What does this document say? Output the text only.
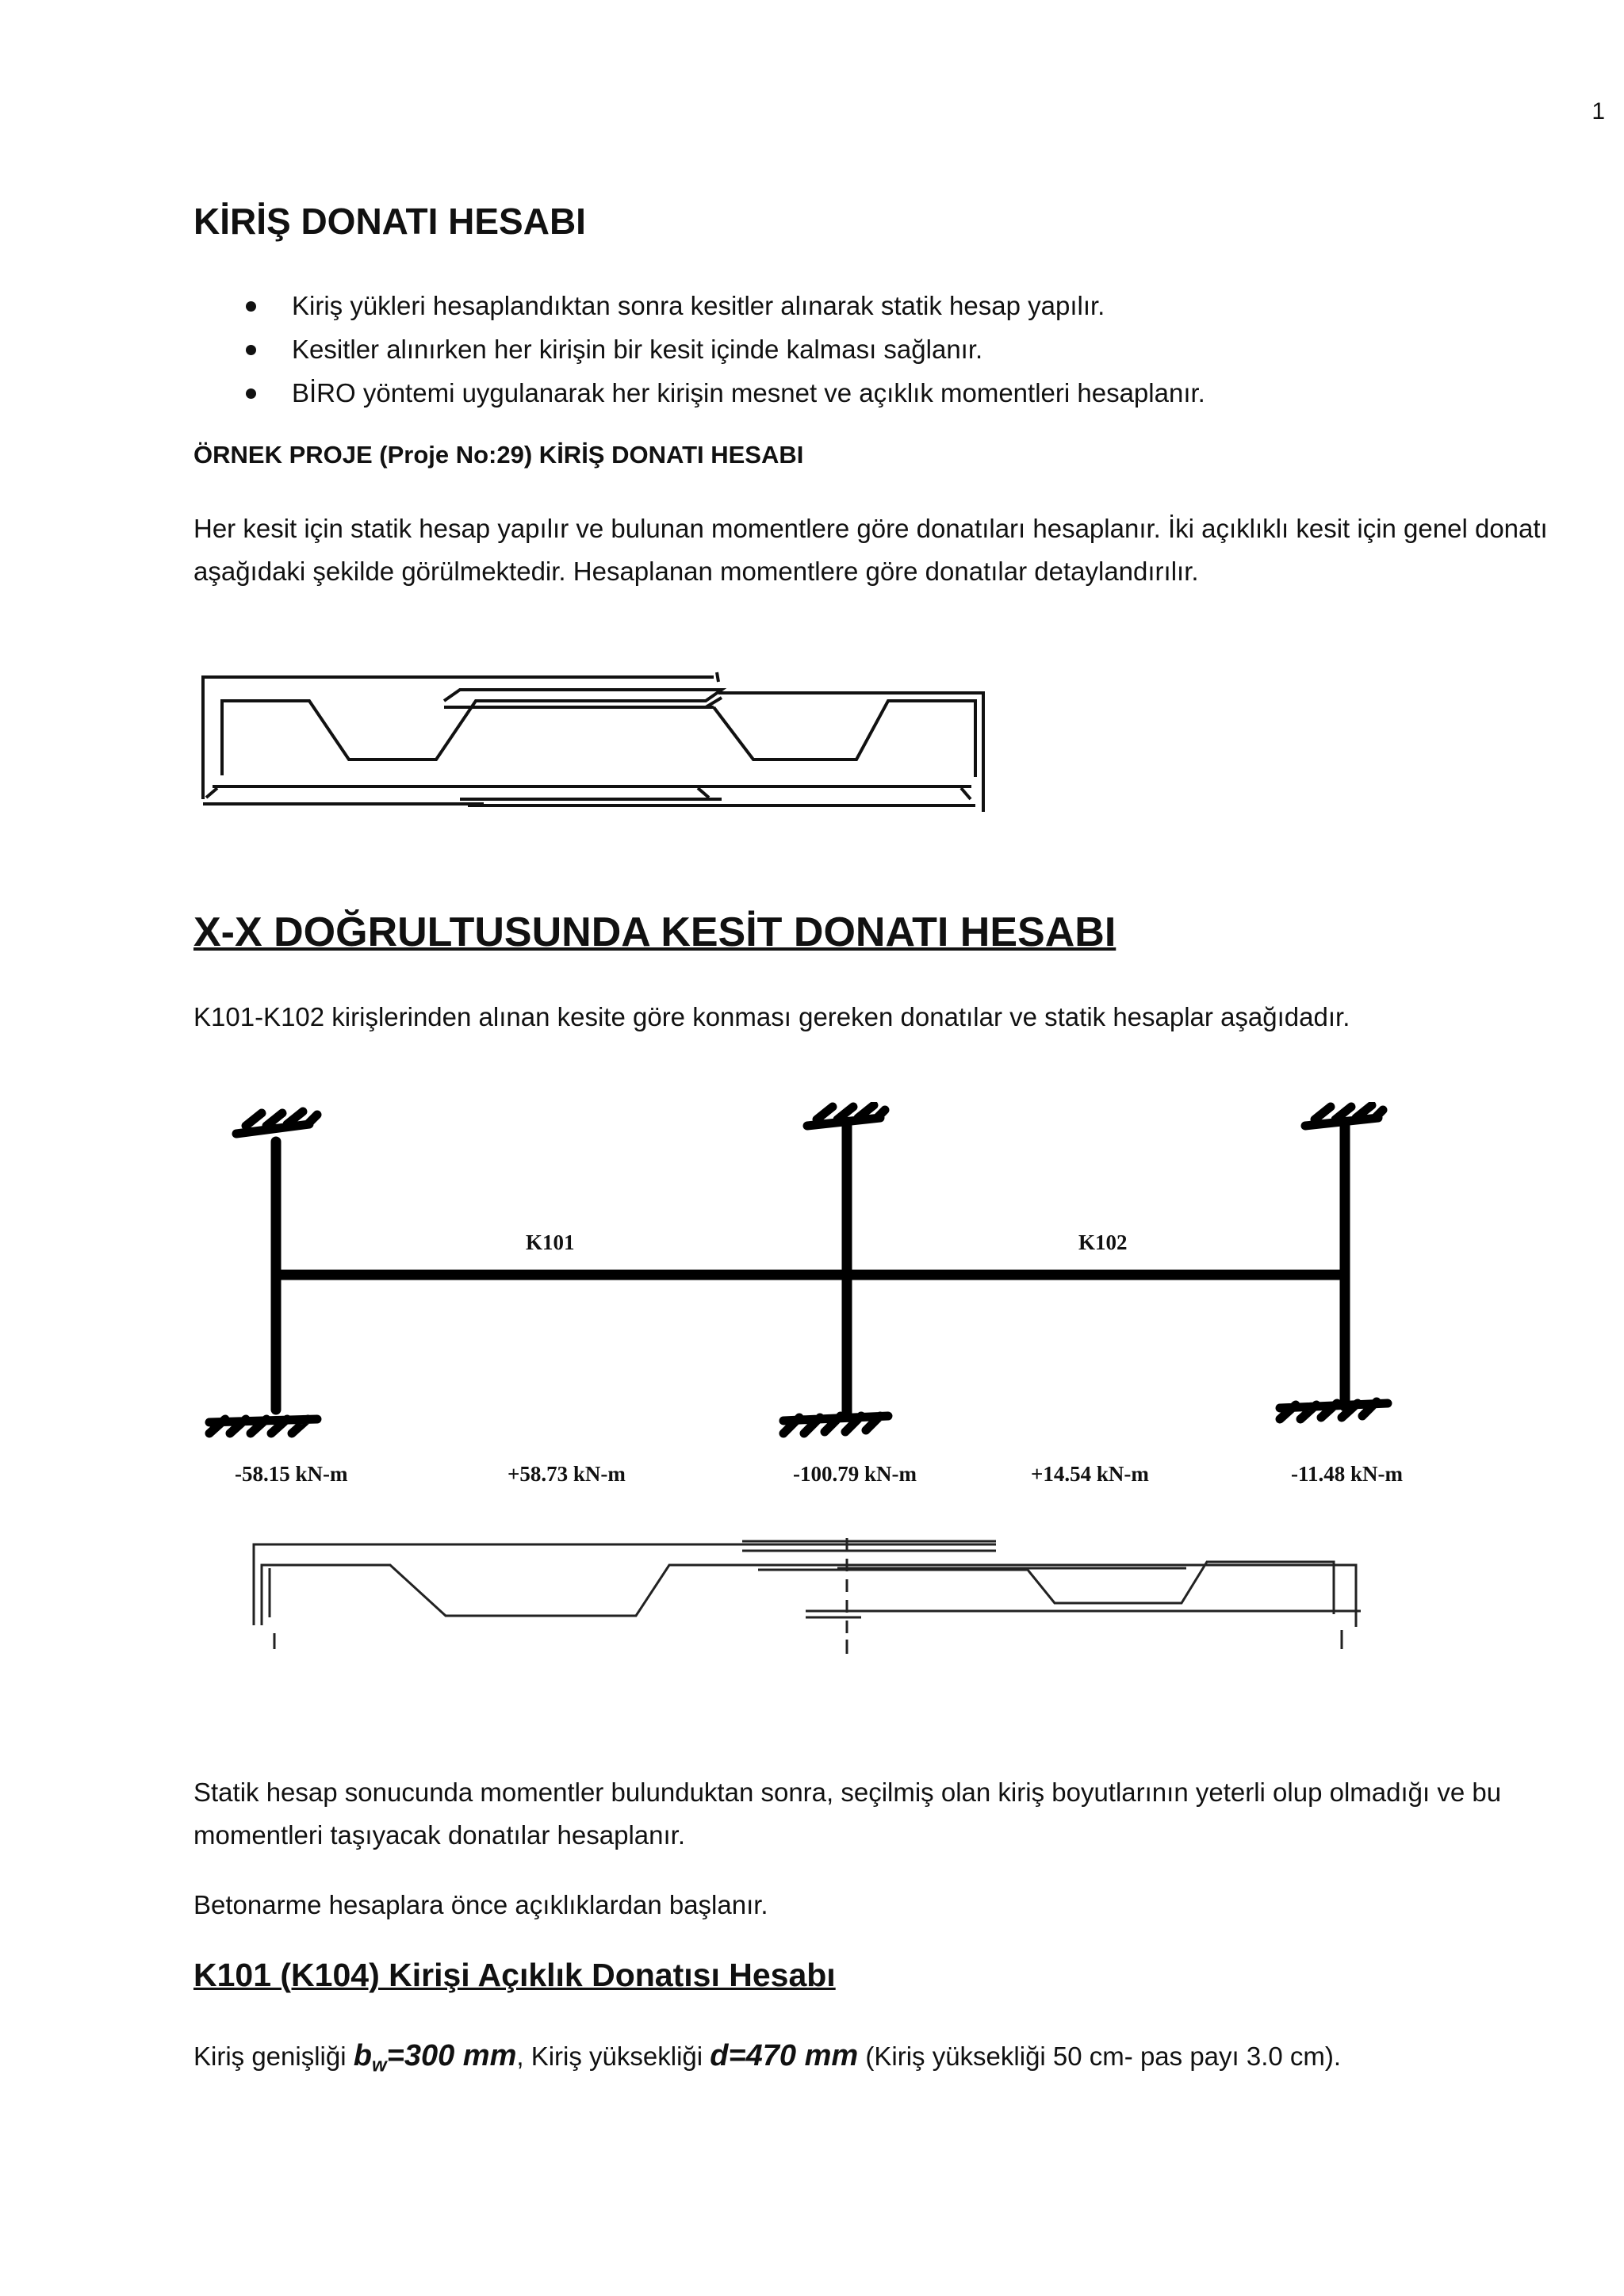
1
KİRİŞ DONATI HESABI
Kiriş yükleri hesaplandıktan sonra kesitler alınarak statik hesap yapılır.
Kesitler alınırken her kirişin bir kesit içinde kalması sağlanır.
BİRO yöntemi uygulanarak her kirişin mesnet ve açıklık momentleri hesaplanır.

ÖRNEK PROJE (Proje No:29) KİRİŞ DONATI HESABI

Her kesit için statik hesap yapılır ve bulunan momentlere göre donatıları hesaplanır. İki açıklıklı kesit için genel donatı aşağıdaki şekilde görülmektedir. Hesaplanan momentlere göre donatılar detaylandırılır.

X-X DOĞRULTUSUNDA KESİT DONATI HESABI

K101-K102 kirişlerinden alınan kesite göre konması gereken donatılar ve statik hesaplar aşağıdadır.

Statik hesap sonucunda momentler bulunduktan sonra, seçilmiş olan kiriş boyutlarının yeterli olup olmadığı ve bu momentleri taşıyacak donatılar hesaplanır.

Betonarme hesaplara önce açıklıklardan başlanır.

K101 (K104) Kirişi Açıklık Donatısı Hesabı

Kiriş genişliği $b_w=300$ mm, Kiriş yüksekliği d=470 mm (Kiriş yüksekliği 50 cm- pas payı 3.0 cm).

K101	K102
-58.15 kN-m	+58.73 kN-m	-100.79 kN-m	+14.54 kN-m	-11.48 kN-m
